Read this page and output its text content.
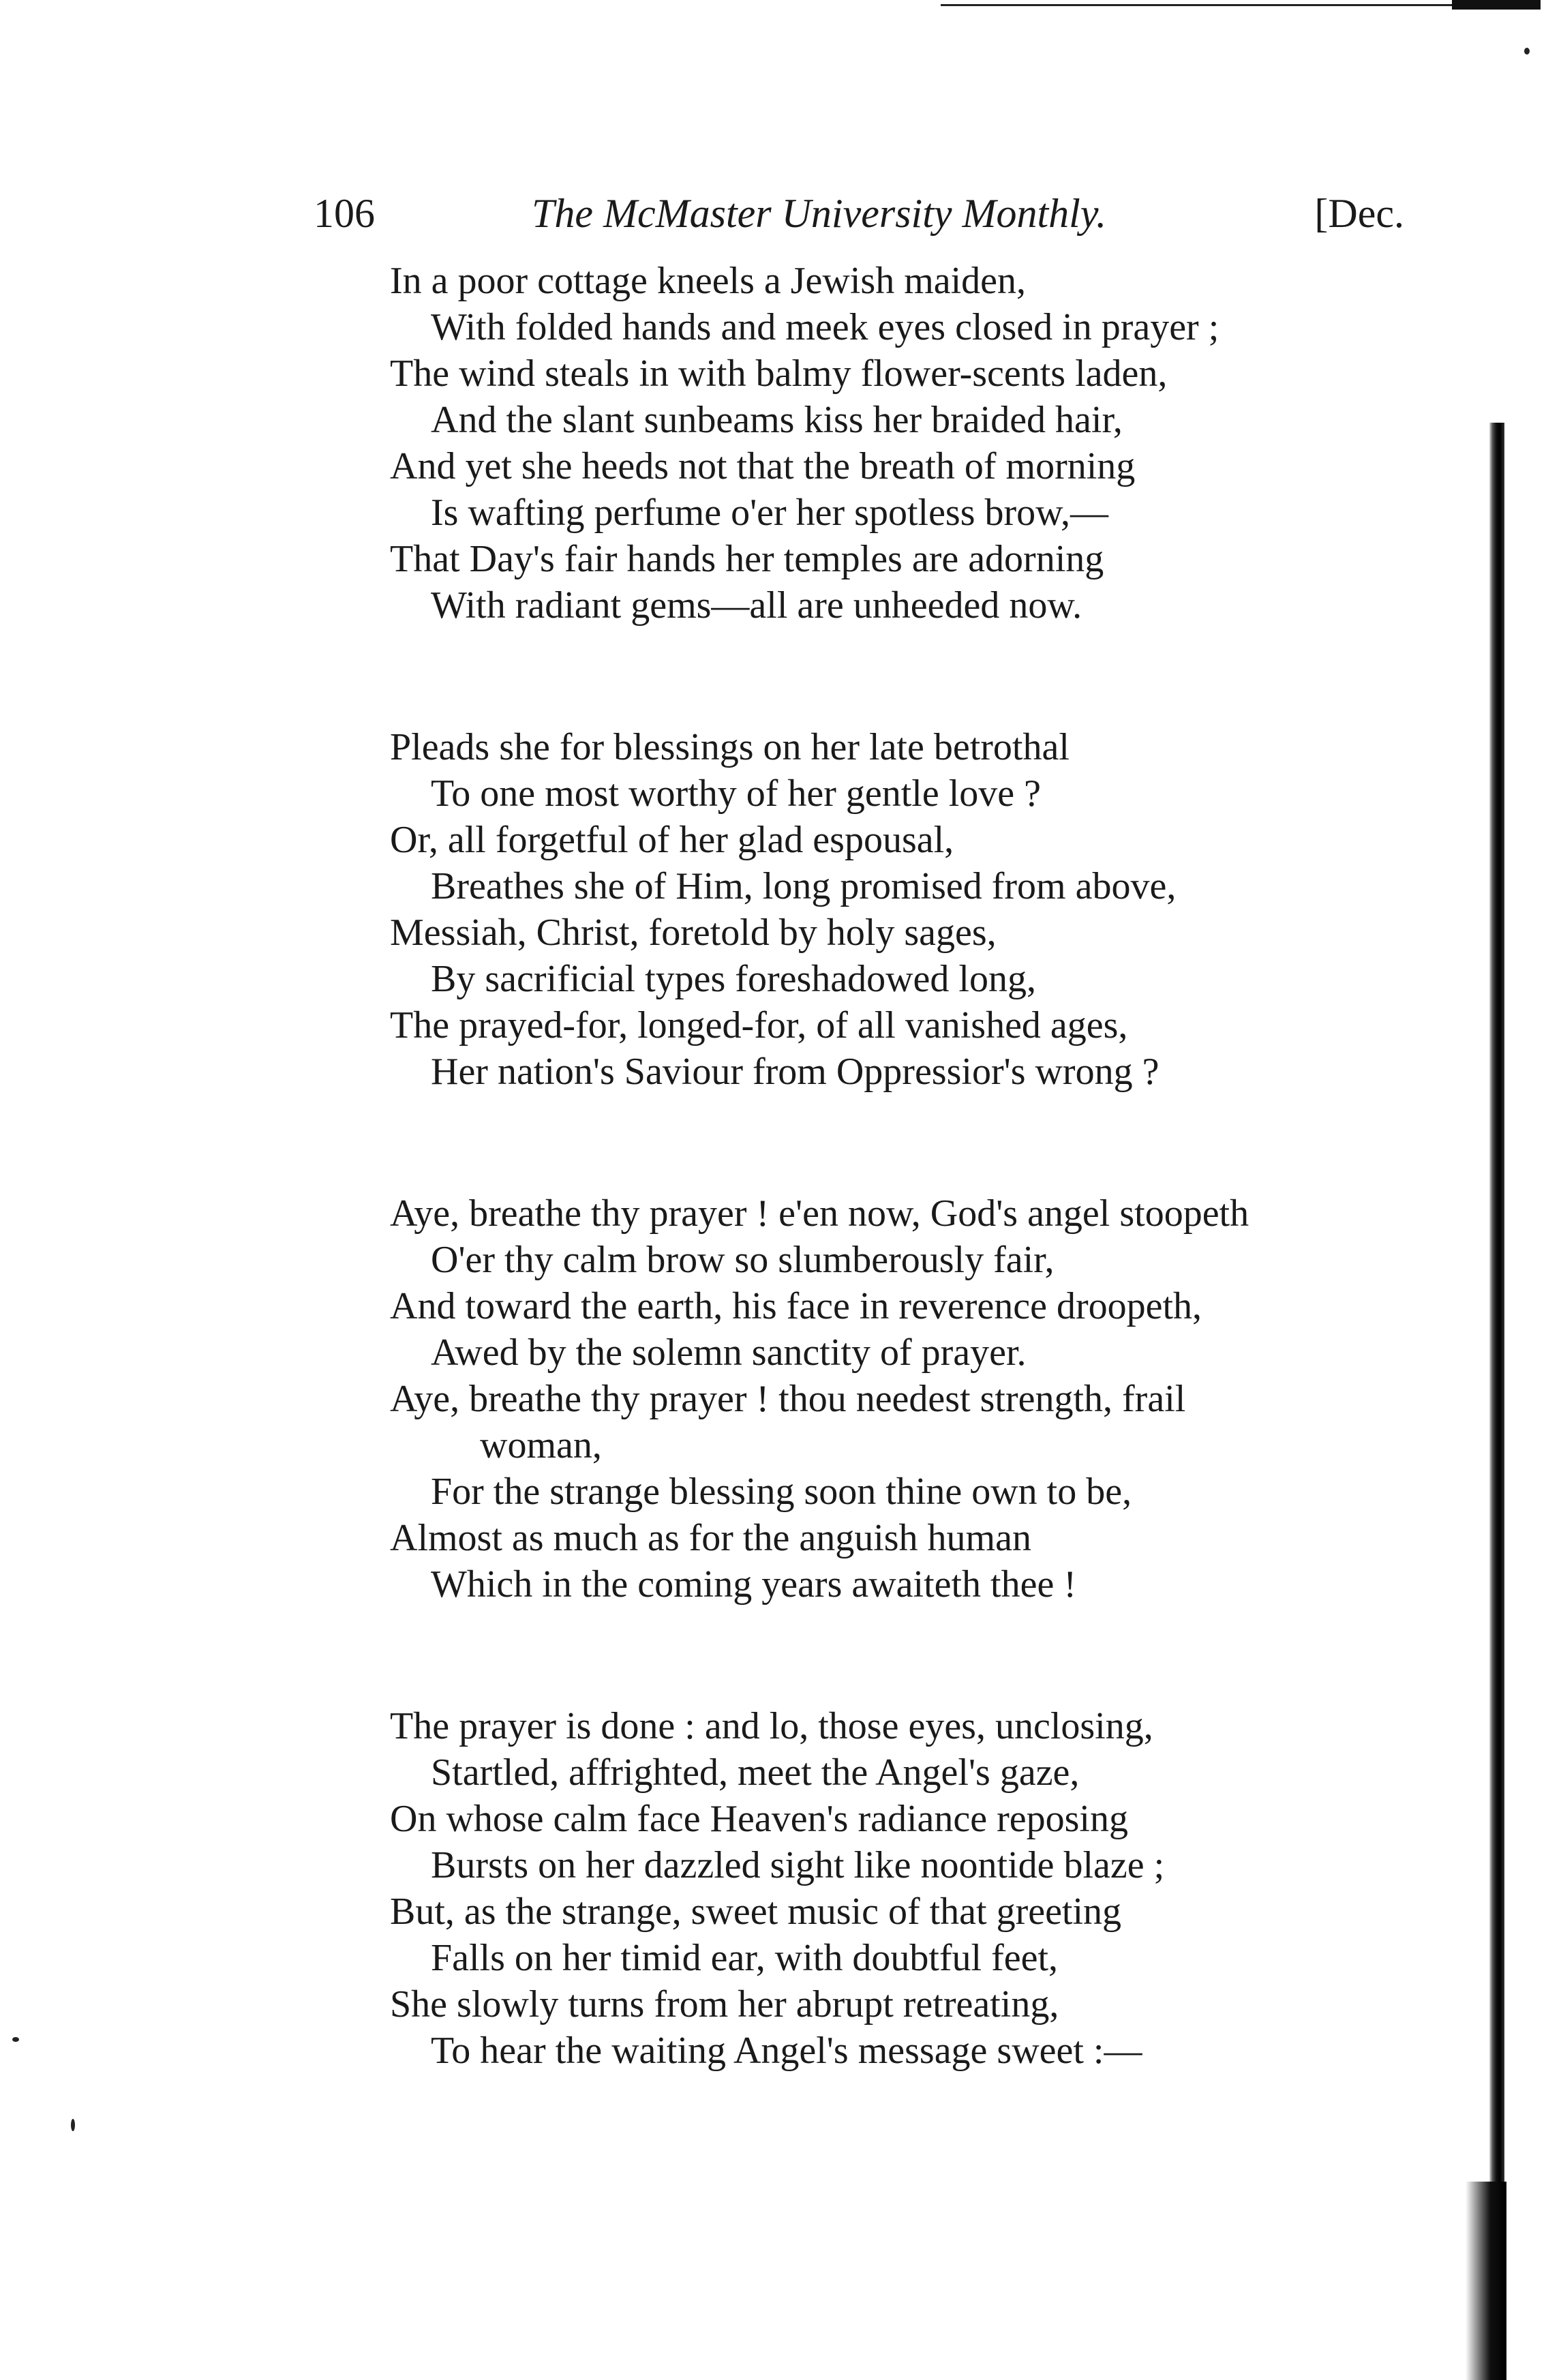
106	The McMaster University Monthly.	[Dec.
In a poor cottage kneels a Jewish maiden,
With folded hands and meek eyes closed in prayer ;
The wind steals in with balmy flower-scents laden,
And the slant sunbeams kiss her braided hair,
And yet she heeds not that the breath of morning
Is wafting perfume o'er her spotless brow,—
That Day's fair hands her temples are adorning
With radiant gems—all are unheeded now.
Pleads she for blessings on her late betrothal
To one most worthy of her gentle love ?
Or, all forgetful of her glad espousal,
Breathes she of Him, long promised from above,
Messiah, Christ, foretold by holy sages,
By sacrificial types foreshadowed long,
The prayed-for, longed-for, of all vanished ages,
Her nation's Saviour from Oppressior's wrong ?
Aye, breathe thy prayer ! e'en now, God's angel stoopeth
O'er thy calm brow so slumberously fair,
And toward the earth, his face in reverence droopeth,
Awed by the solemn sanctity of prayer.
Aye, breathe thy prayer ! thou needest strength, frail
woman,
For the strange blessing soon thine own to be,
Almost as much as for the anguish human
Which in the coming years awaiteth thee !
The prayer is done : and lo, those eyes, unclosing,
Startled, affrighted, meet the Angel's gaze,
On whose calm face Heaven's radiance reposing
Bursts on her dazzled sight like noontide blaze ;
But, as the strange, sweet music of that greeting
Falls on her timid ear, with doubtful feet,
She slowly turns from her abrupt retreating,
To hear the waiting Angel's message sweet :—
